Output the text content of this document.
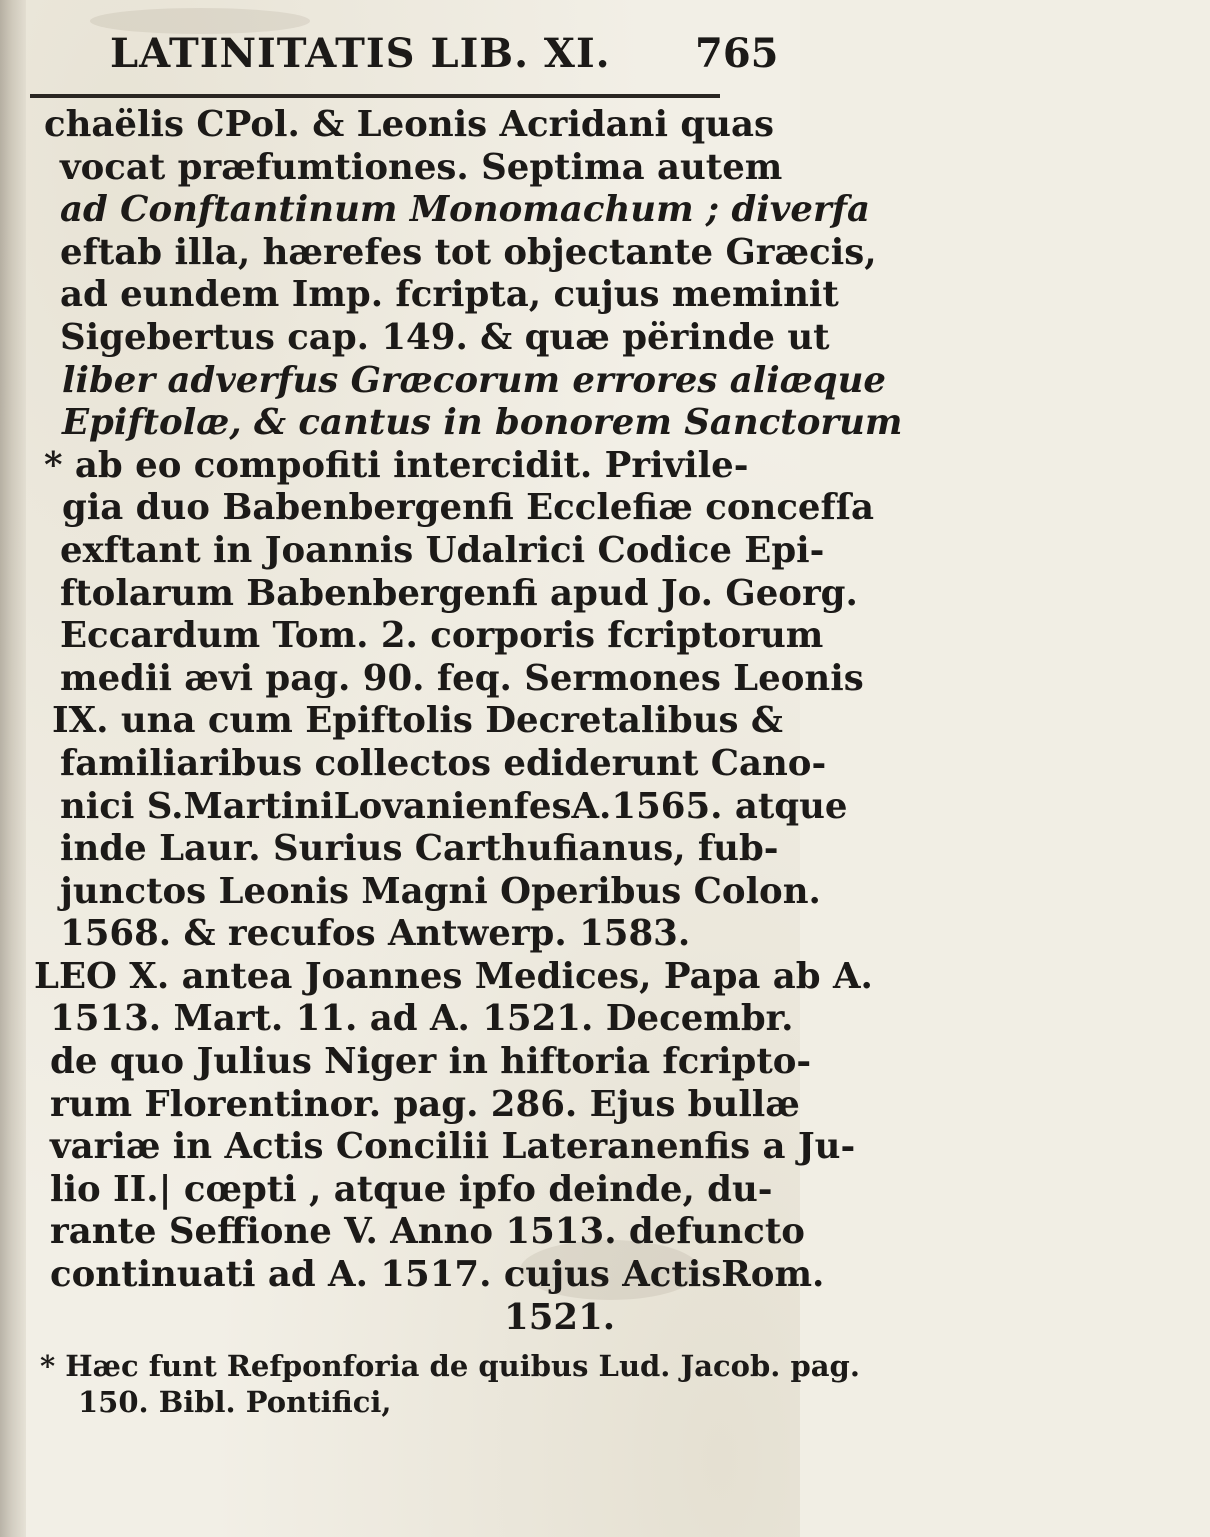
LATINITATIS LIB. XI. 765
chaëlis CPol. & Leonis Acridani quas
vocat præfumtiones. Septima autem
ad Conftantinum Monomachum ; diverfa
eftab illa, hærefes tot objectante Græcis,
ad eundem Imp. fcripta, cujus meminit
Sigebertus cap. 149. & quæ përinde ut
liber adverfus Græcorum errores aliæque
Epiftolæ, & cantus in bonorem Sanctorum
* ab eo compofiti intercidit. Privile-
gia duo Babenbergenfi Ecclefiæ concefſa
exftant in Joannis Udalrici Codice Epi-
ftolarum Babenbergenfi apud Jo. Georg.
Eccardum Tom. 2. corporis fcriptorum
medii ævi pag. 90. feq. Sermones Leonis
IX. una cum Epiftolis Decretalibus &
familiaribus collectos ediderunt Cano-
nici S.MartiniLovanienfesA.1565. atque
inde Laur. Surius Carthufianus, fub-
junctos Leonis Magni Operibus Colon.
1568. & recufos Antwerp. 1583.
LEO X. antea Joannes Medices, Papa ab A.
1513. Mart. 11. ad A. 1521. Decembr.
de quo Julius Niger in hiftoria fcripto-
rum Florentinor. pag. 286. Ejus bullæ
variæ in Actis Concilii Lateranenfis a Ju-
lio II.| cœpti , atque ipfo deinde, du-
rante Seffione V. Anno 1513. defuncto
continuati ad A. 1517. cujus ActisRom.
1521.
* Hæc funt Refponforia de quibus Lud. Jacob. pag.
150. Bibl. Pontifici,
